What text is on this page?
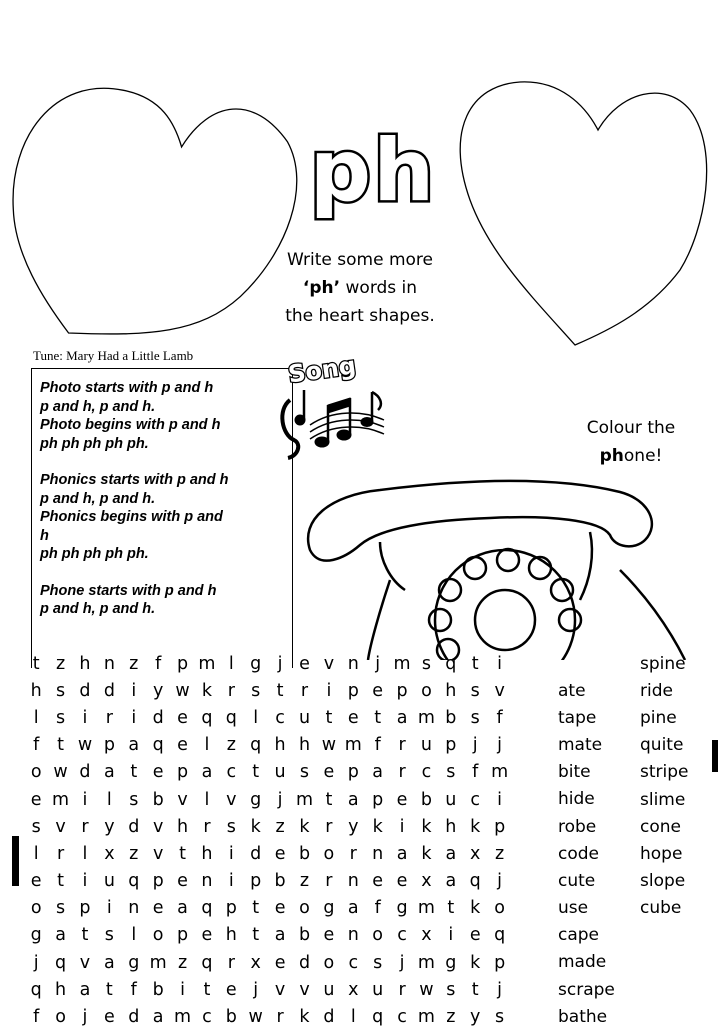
ph
Write some more
‘ph’ words in
the heart shapes.
Tune: Mary Had a Little Lamb

Photo starts with p and h
p and h, p and h.
Photo begins with p and h
ph ph ph ph ph.

Phonics starts with p and h
p and h, p and h.
Phonics begins with p and
h
ph ph ph ph ph.

Phone starts with p and h
p and h, p and h.

Song
Colour the
phone!
t z h n z f p m l g j e v n j m s q t	i
h s d d i y w k r s t r	i p e p o h s v
l s i	r	i d e q q l c u t e t a m b s f
f	t w p a q e l z q h h w m f	r u p j	j
o w d a t e p a c t u s e p a r c s f m
e m i	l s b v l v g j m t a p e b u c i
s v r y d v h r s k z k r y k i k h k p
l	r	l x z v t h i d e b o r n a k a x z
e t	i u q p e n i p b z r n e e x a q j
o s p i n e a q p t e o g a f g m t k o
g a t s l o p e h t a b e n o c x i e q
j q v a g m z q r x e d o c s j m g k p
q h a t	f b i	t e j v v u x u r w s t	j
f o j e d a m c b w r k d l q c m z y s
ate
tape
mate
bite
hide
robe
code
cute
use
cape
made
scrape
bathe
spine
ride
pine
quite
stripe
slime
cone
hope
slope
cube
